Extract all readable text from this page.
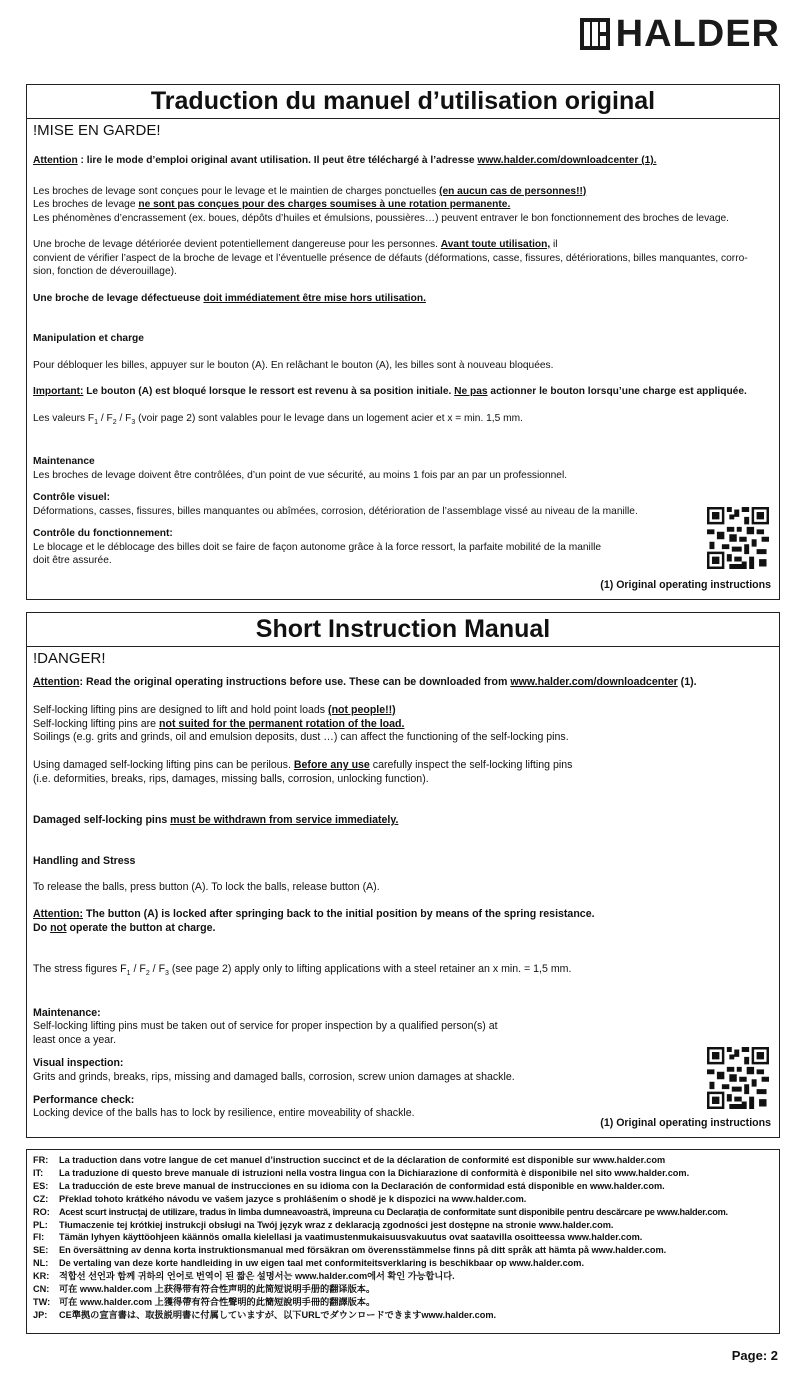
HALDER
Traduction du manuel d’utilisation original
!MISE EN GARDE!

Attention : lire le mode d’emploi original avant utilisation. Il peut être téléchargé à l’adresse www.halder.com/downloadcenter (1).

Les broches de levage sont conçues pour le levage et le maintien de charges ponctuelles (en aucun cas de personnes!!)

Les broches de levage ne sont pas conçues pour des charges soumises à une rotation permanente.

Les phénomènes d’encrassement (ex. boues, dépôts d’huiles et émulsions, poussières…) peuvent entraver le bon fonctionnement des broches de levage.

Une broche de levage détériorée devient potentiellement dangereuse pour les personnes. Avant toute utilisation, il

convient de vérifier l’aspect de la broche de levage et l’éventuelle présence de défauts (déformations, casse, fissures, détériorations, billes manquantes, corro-

sion, fonction de déverouillage).

Une broche de levage défectueuse doit immédiatement être mise hors utilisation.

Manipulation et charge

Pour débloquer les billes, appuyer sur le bouton (A). En relâchant le bouton (A), les billes sont à nouveau bloquées.

Important: Le bouton (A) est bloqué lorsque le ressort est revenu à sa position initiale. Ne pas actionner le bouton lorsqu’une charge est appliquée.

Les valeurs $F_1 / F_2 / F_3$ (voir page 2) sont valables pour le levage dans un logement acier et x = min. 1,5 mm.

Maintenance

Les broches de levage doivent être contrôlées, d’un point de vue sécurité, au moins 1 fois par an par un professionnel.

Contrôle visuel:

Déformations, casses, fissures, billes manquantes ou abîmées, corrosion, détérioration de l’assemblage vissé au niveau de la manille.

Contrôle du fonctionnement:

Le blocage et le déblocage des billes doit se faire de façon autonome grâce à la force ressort, la parfaite mobilité de la manille

doit être assurée.

(1) Original operating instructions
Short Instruction Manual
!DANGER!

Attention: Read the original operating instructions before use. These can be downloaded from www.halder.com/downloadcenter (1).

Self-locking lifting pins are designed to lift and hold point loads (not people!!)

Self-locking lifting pins are not suited for the permanent rotation of the load.

Soilings (e.g. grits and grinds, oil and emulsion deposits, dust …) can affect the functioning of the self-locking pins.

Using damaged self-locking lifting pins can be perilous. Before any use carefully inspect the self-locking lifting pins

(i.e. deformities, breaks, rips, damages, missing balls, corrosion, unlocking function).

Damaged self-locking pins must be withdrawn from service immediately.

Handling and Stress

To release the balls, press button (A). To lock the balls, release button (A).

Attention: The button (A) is locked after springing back to the initial position by means of the spring resistance.

Do not operate the button at charge.

The stress figures $F_1 / F_2 / F_3$ (see page 2) apply only to lifting applications with a steel retainer an x min. = 1,5 mm.

Maintenance:

Self-locking lifting pins must be taken out of service for proper inspection by a qualified person(s) at

least once a year.

Visual inspection:

Grits and grinds, breaks, rips, missing and damaged balls, corrosion, screw union damages at shackle.

Performance check:

Locking device of the balls has to lock by resilience, entire moveability of shackle.

(1) Original operating instructions
FR:	La traduction dans votre langue de cet manuel d’instruction succinct et de la déclaration de conformité est disponible sur www.halder.com
IT:	La traduzione di questo breve manuale di istruzioni nella vostra lingua con la Dichiarazione di conformità è disponibile nel sito www.halder.com.
ES:	La traducción de este breve manual de instrucciones en su idioma con la Declaración de conformidad está disponible en www.halder.com.
CZ:	Překlad tohoto krátkého návodu ve vašem jazyce s prohlášením o shodě je k dispozici na www.halder.com.
RO: Acest scurt instrucțaj de utilizare, tradus în limba dumneavoastră, împreuna cu Declarația de conformitate sunt disponibile pentru descărcare pe www.halder.com.
PL:	Tłumaczenie tej krótkiej instrukcji obsługi na Twój język wraz z deklaracją zgodności jest dostępne na stronie www.halder.com.
FI:	Tämän lyhyen käyttöohjeen käännös omalla kielellasi ja vaatimustenmukaisuusvakuutus ovat saatavilla osoitteessa www.halder.com.
SE:	En översättning av denna korta instruktionsmanual med försäkran om överensstämmelse finns på ditt språk att hämta på www.halder.com.
NL:	De vertaling van deze korte handleiding in uw eigen taal met conformiteitsverklaring is beschikbaar op www.halder.com.
KR:	적합선 선언과 함께 귀하의 언어로 번역이 된 짧은 설명서는 www.halder.com에서 확인 가능합니다.
CN:	可在 www.halder.com 上获得带有符合性声明的此简短说明手册的翻译版本。
TW: 可在 www.halder.com 上獲得帶有符合性聲明的此簡短說明手冊的翻譯版本。
JP:	CE準拠の宣言書は、取扱説明書に付属していますが、以下URLでダウンロードできますwww.halder.com.
Page: 2
